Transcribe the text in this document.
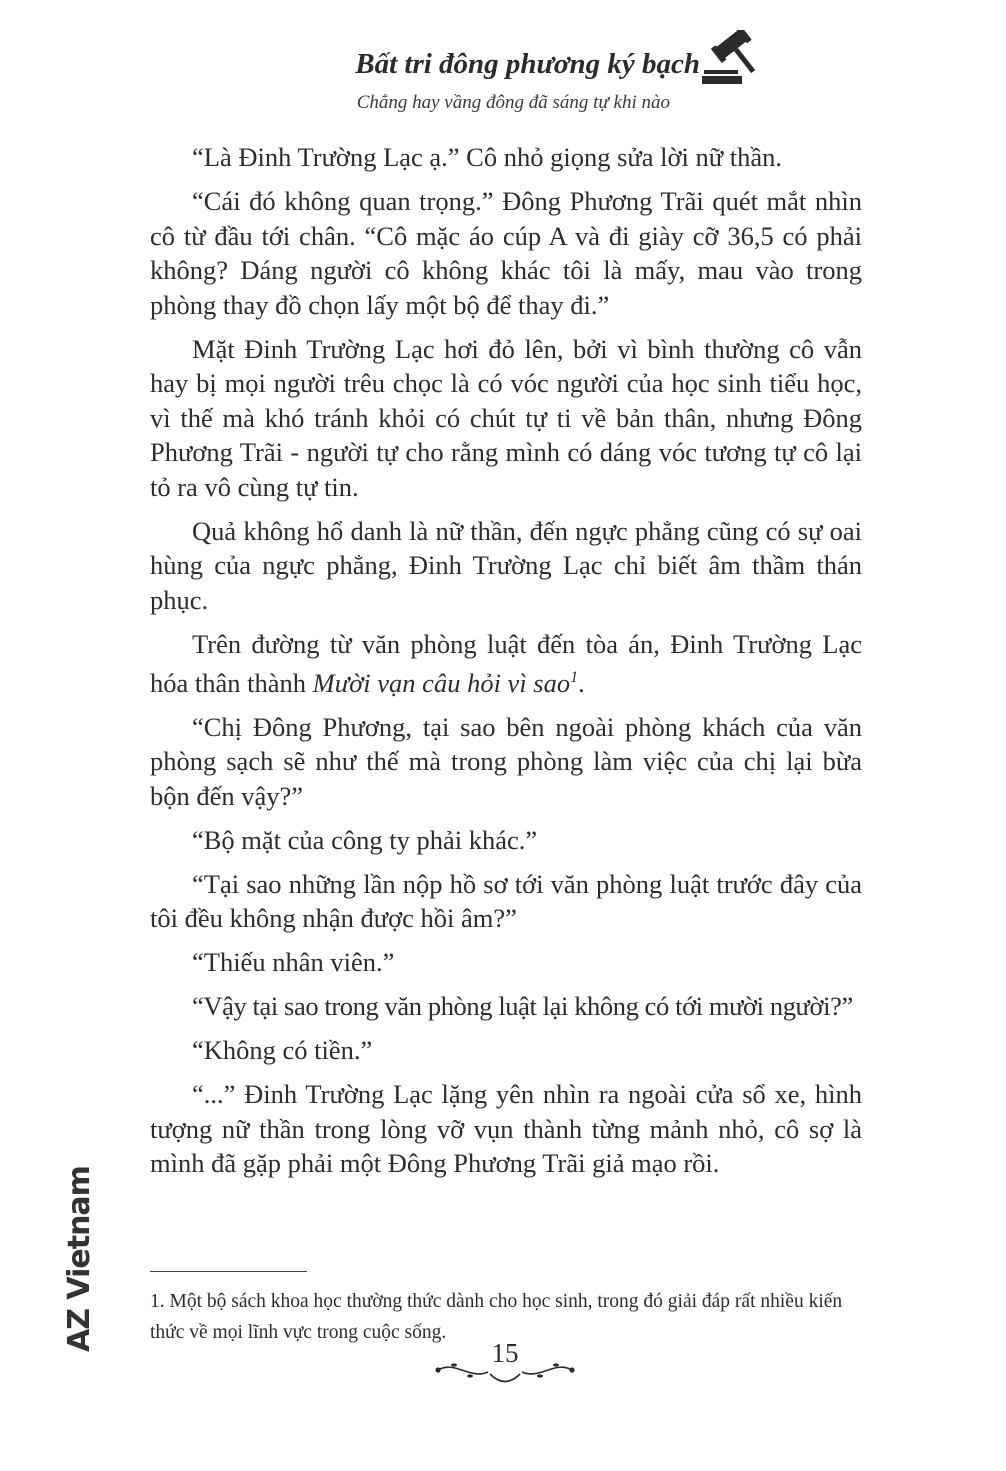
Bất tri đông phương ký bạch
Chẳng hay vầng đông đã sáng tự khi nào

“Là Đinh Trường Lạc ạ.” Cô nhỏ giọng sửa lời nữ thần.

“Cái đó không quan trọng.” Đông Phương Trãi quét mắt nhìn cô từ đầu tới chân. “Cô mặc áo cúp A và đi giày cỡ 36,5 có phải không? Dáng người cô không khác tôi là mấy, mau vào trong phòng thay đồ chọn lấy một bộ để thay đi.”

Mặt Đinh Trường Lạc hơi đỏ lên, bởi vì bình thường cô vẫn hay bị mọi người trêu chọc là có vóc người của học sinh tiểu học, vì thế mà khó tránh khỏi có chút tự ti về bản thân, nhưng Đông Phương Trãi - người tự cho rằng mình có dáng vóc tương tự cô lại tỏ ra vô cùng tự tin.

Quả không hổ danh là nữ thần, đến ngực phẳng cũng có sự oai hùng của ngực phẳng, Đinh Trường Lạc chỉ biết âm thầm thán phục.

Trên đường từ văn phòng luật đến tòa án, Đinh Trường Lạc hóa thân thành Mười vạn câu hỏi vì sao$^1$.

“Chị Đông Phương, tại sao bên ngoài phòng khách của văn phòng sạch sẽ như thế mà trong phòng làm việc của chị lại bừa bộn đến vậy?”

“Bộ mặt của công ty phải khác.”

“Tại sao những lần nộp hồ sơ tới văn phòng luật trước đây của tôi đều không nhận được hồi âm?”

“Thiếu nhân viên.”

“Vậy tại sao trong văn phòng luật lại không có tới mười người?”

“Không có tiền.”

“...” Đinh Trường Lạc lặng yên nhìn ra ngoài cửa sổ xe, hình tượng nữ thần trong lòng vỡ vụn thành từng mảnh nhỏ, cô sợ là mình đã gặp phải một Đông Phương Trãi giả mạo rồi.

1. Một bộ sách khoa học thường thức dành cho học sinh, trong đó giải đáp rất nhiều kiến thức về mọi lĩnh vực trong cuộc sống.
15
AZ Vietnam
